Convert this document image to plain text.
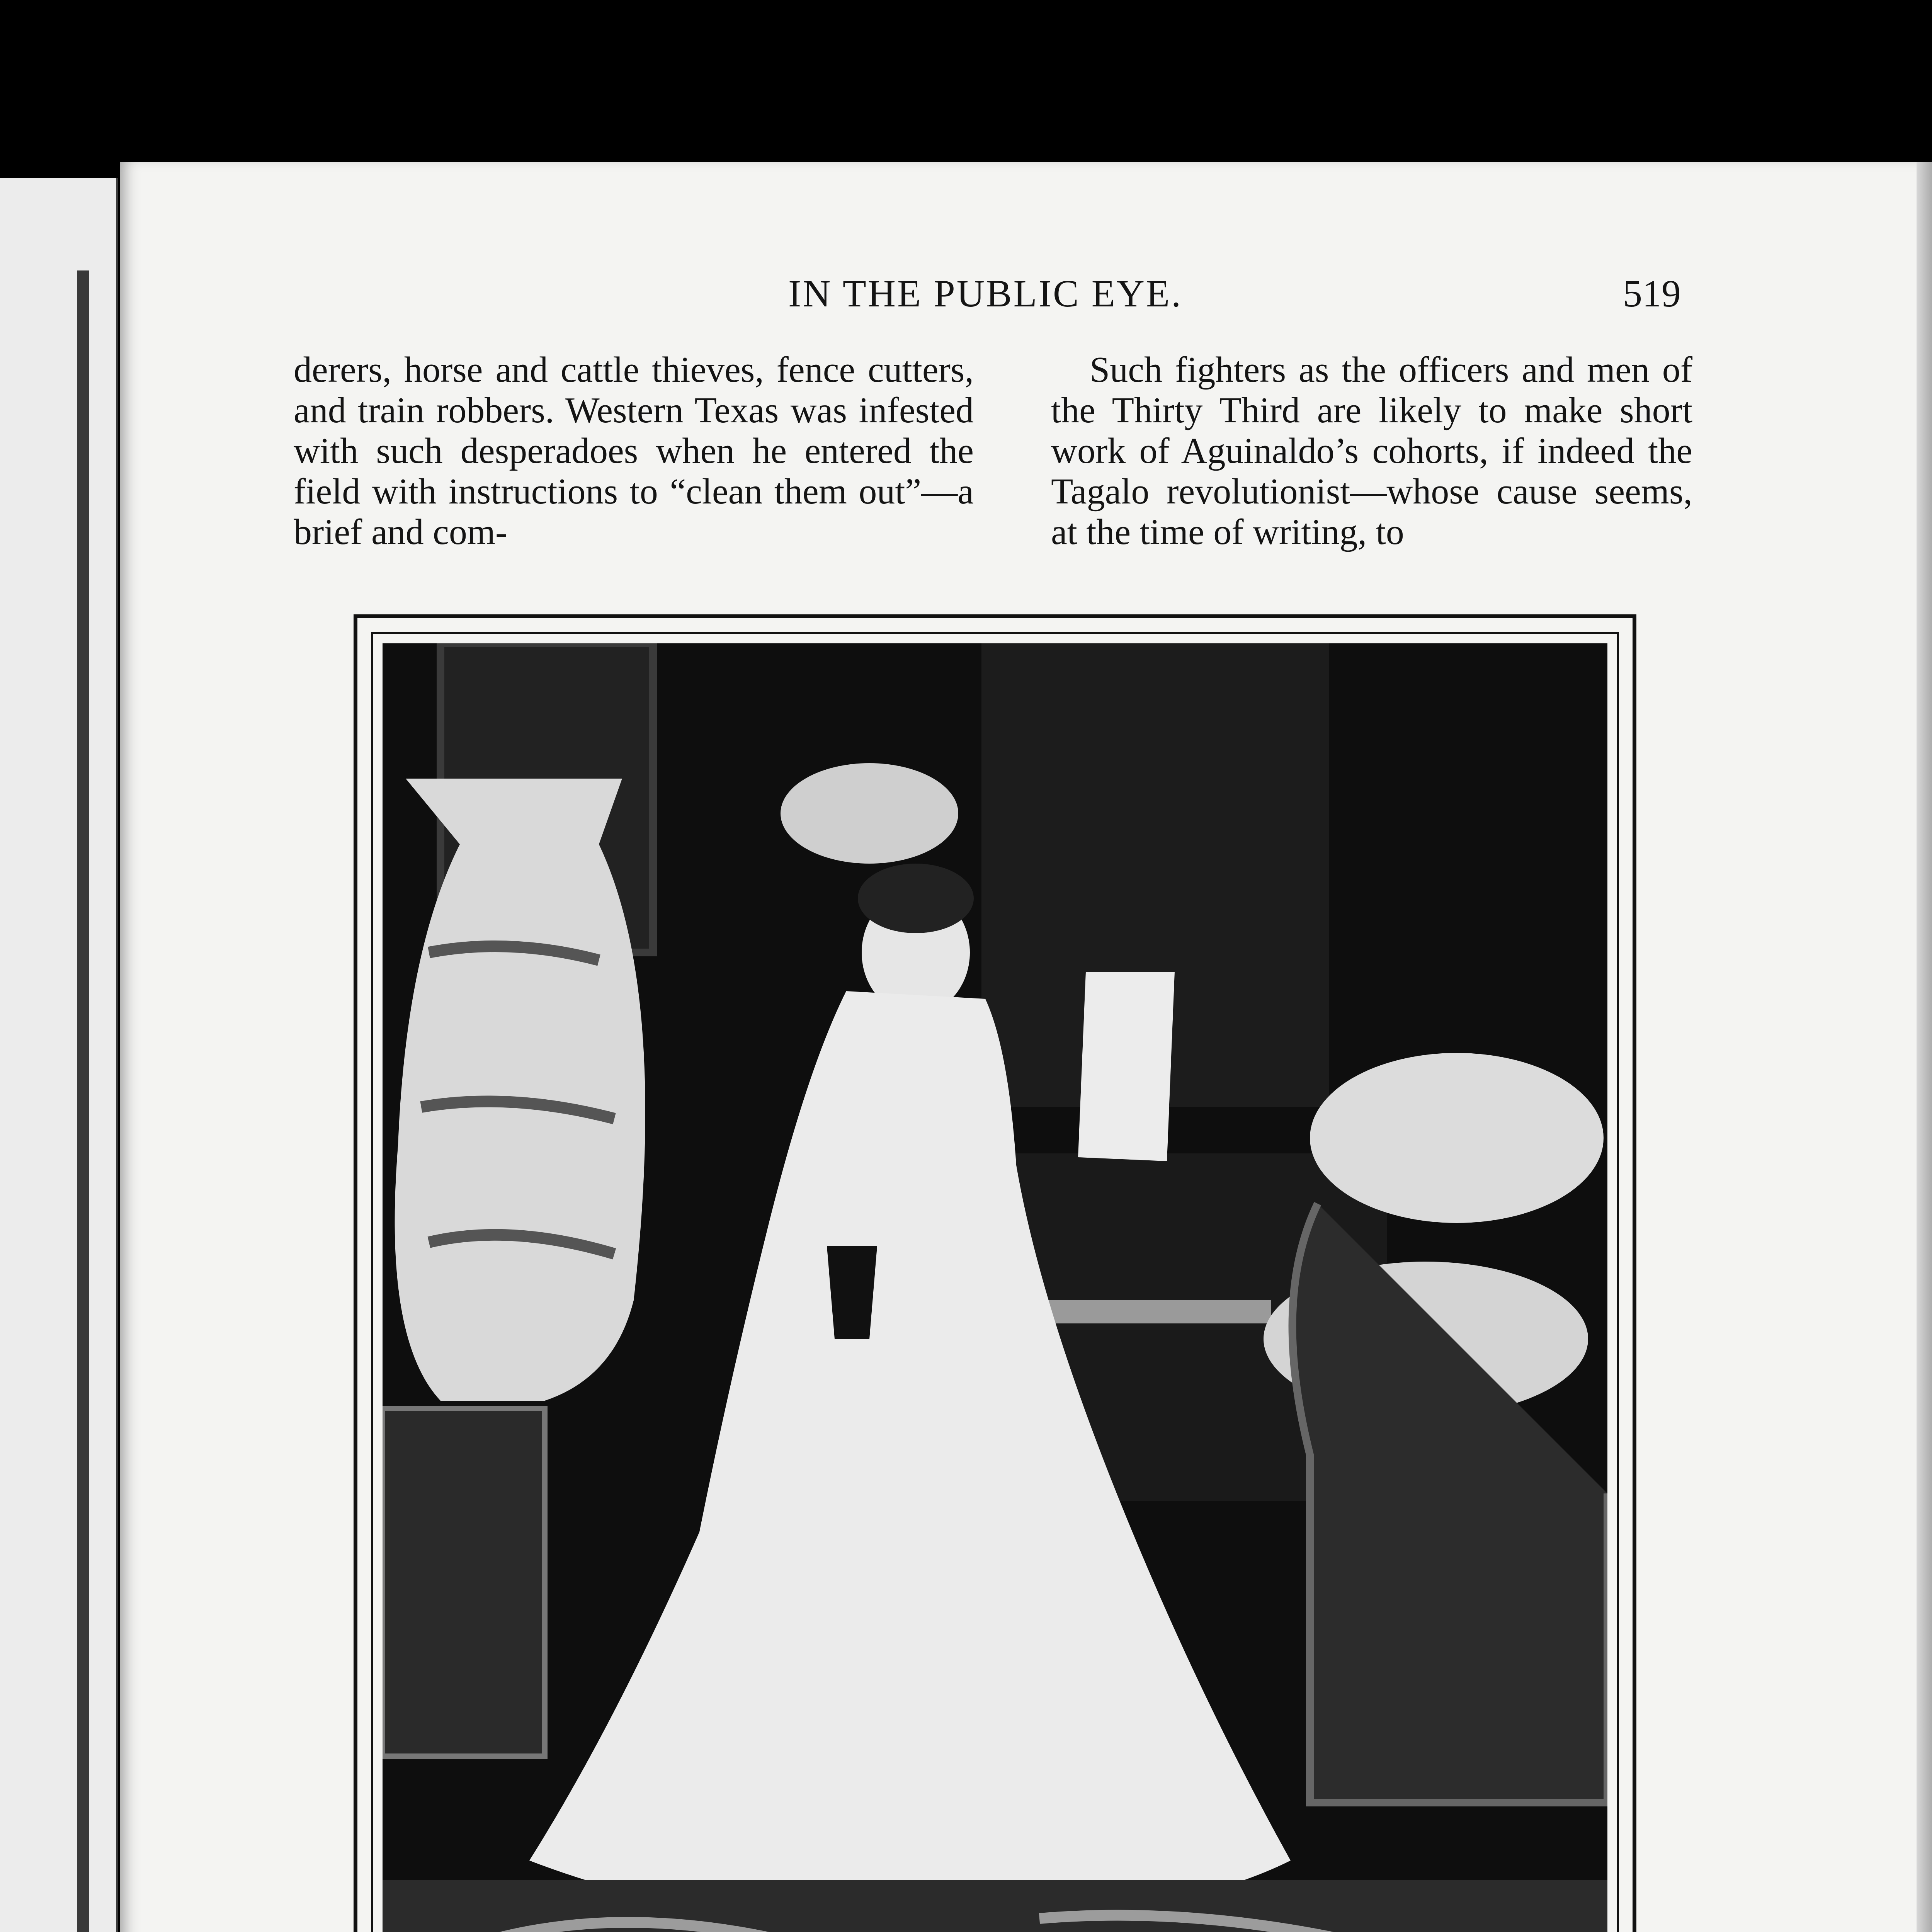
IN THE PUBLIC EYE.	519

derers, horse and cattle thieves, fence cutters, and train robbers. Western Texas was infested with such desperadoes when he entered the field with instructions to “clean them out”—a brief and com-

Such fighters as the officers and men of the Thirty Third are likely to make short work of Aguinaldo’s cohorts, if indeed the Tagalo revolutionist—whose cause seems, at the time of writing, to
